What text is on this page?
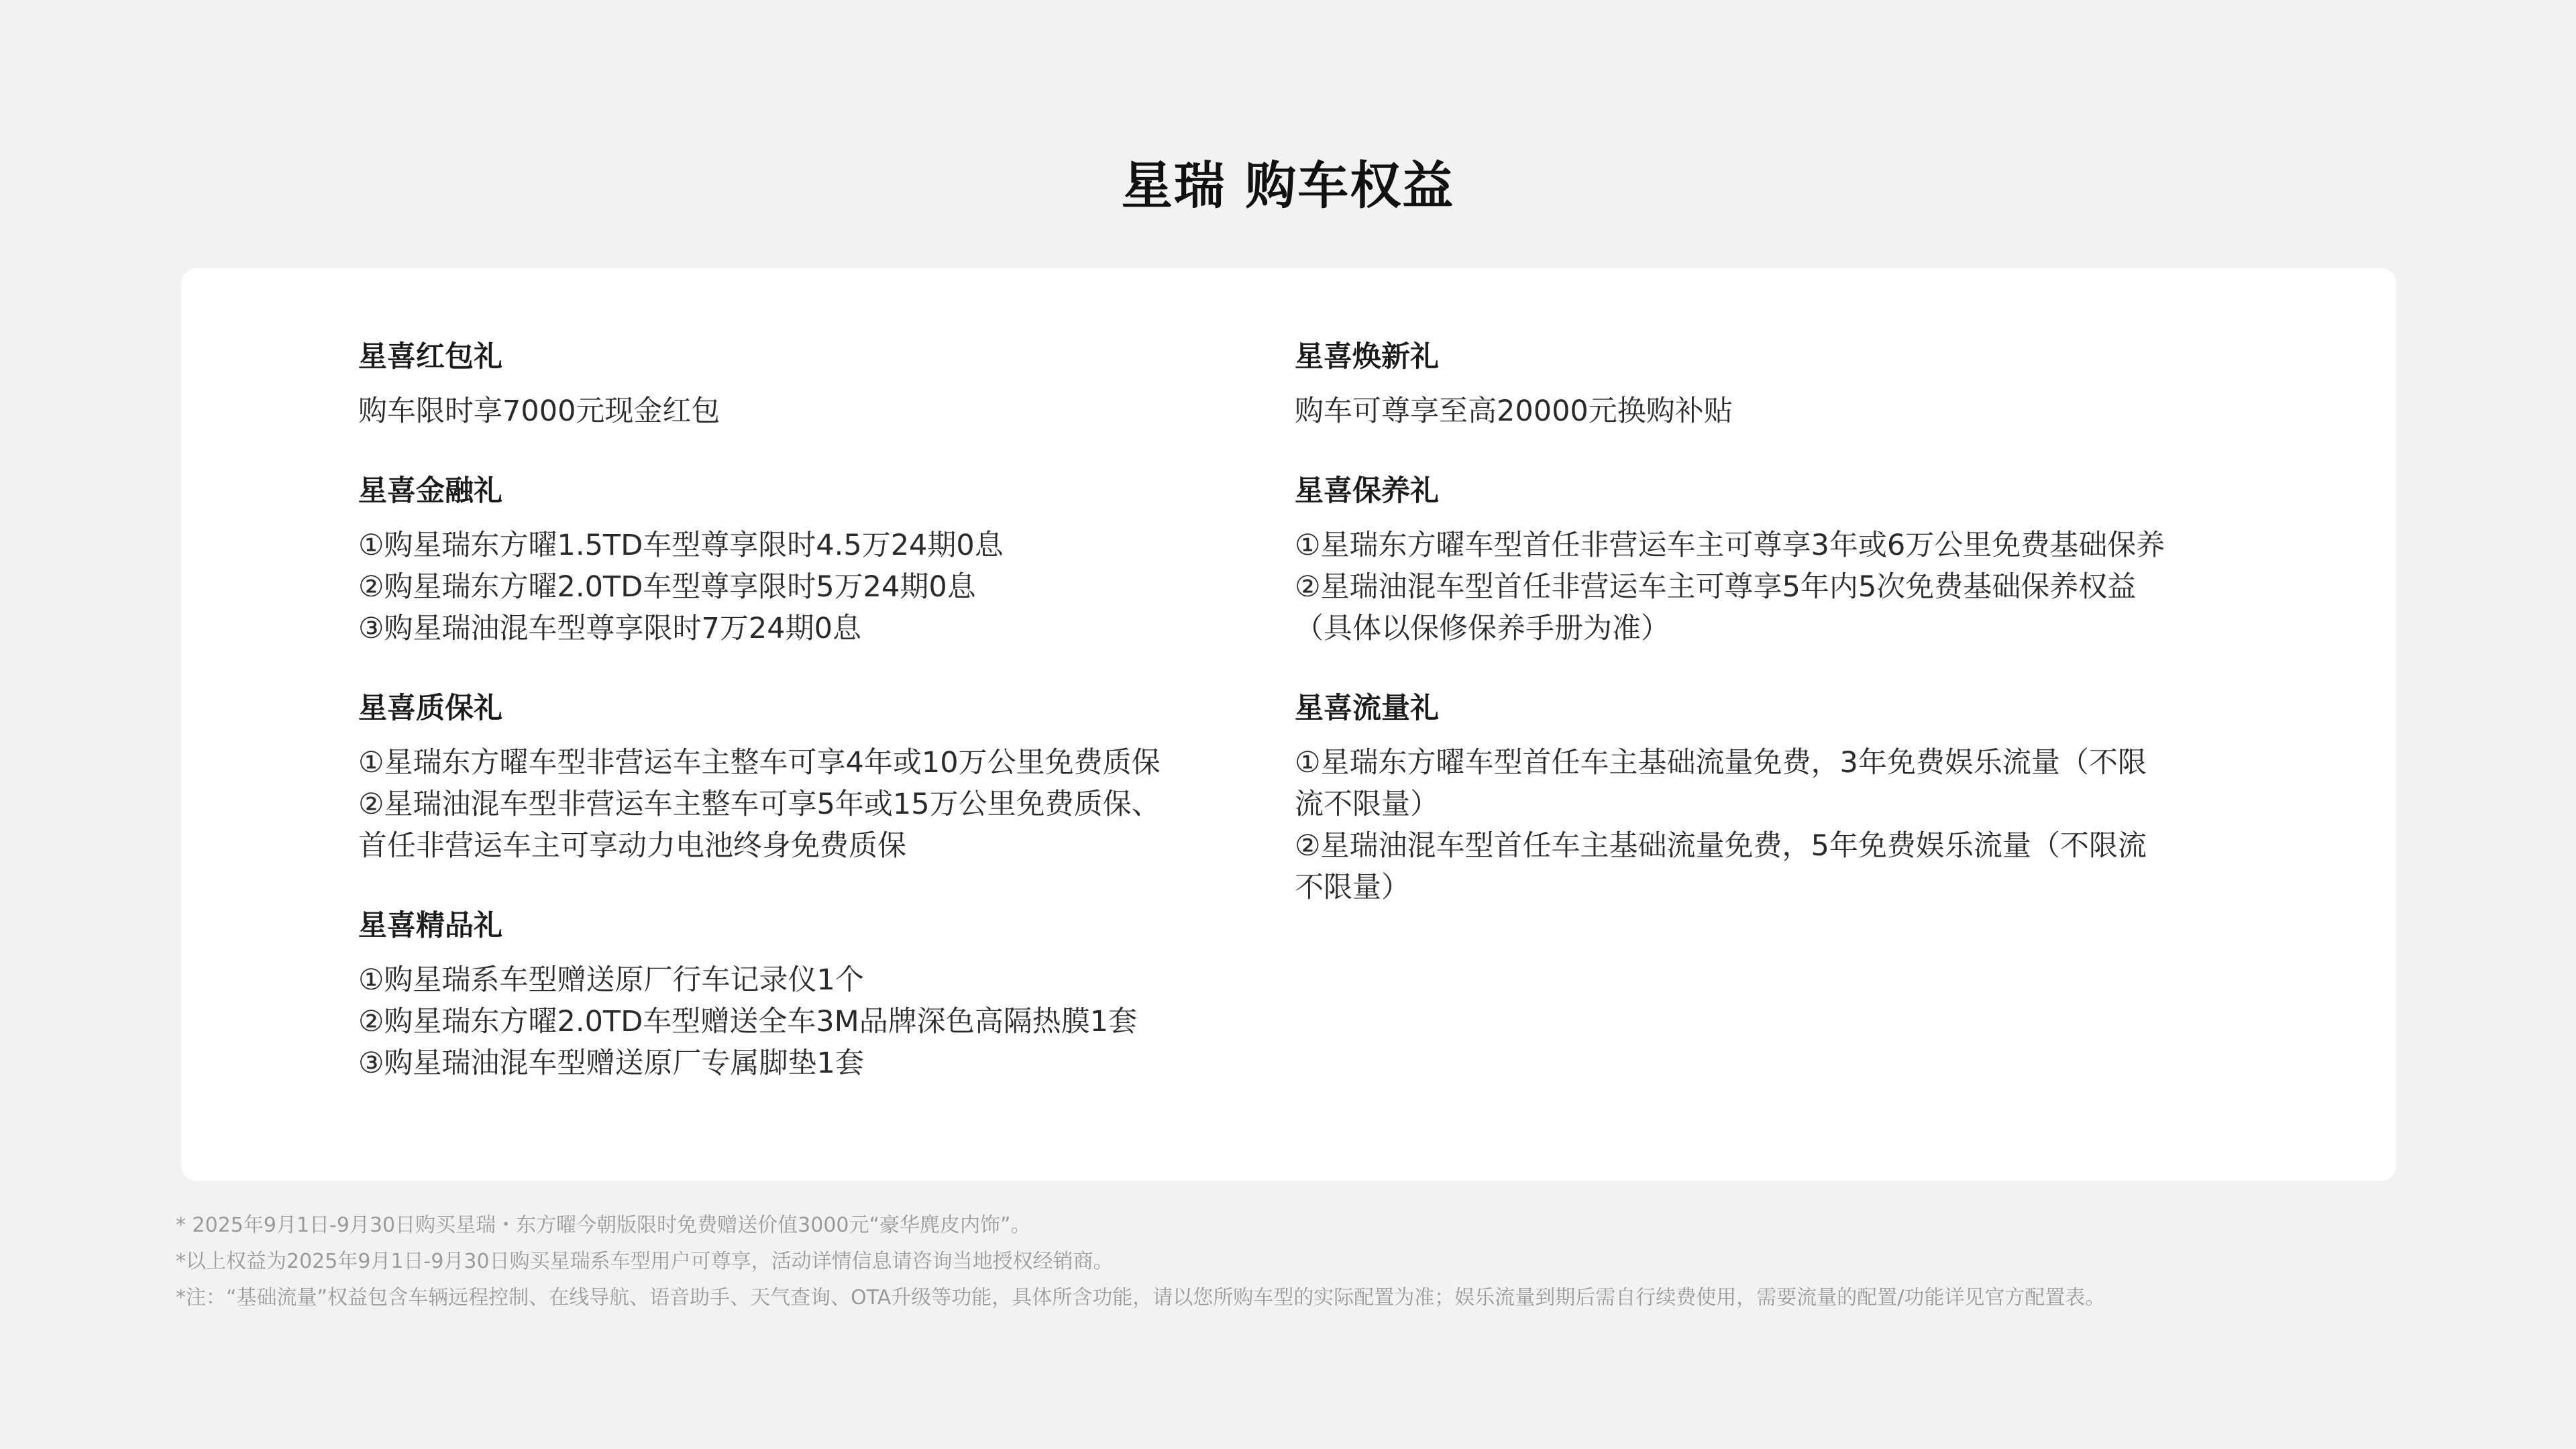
星瑞 购车权益
星喜红包礼
购车限时享7000元现金红包
星喜金融礼
①购星瑞东方曜1.5TD车型尊享限时4.5万24期0息
②购星瑞东方曜2.0TD车型尊享限时5万24期0息
③购星瑞油混车型尊享限时7万24期0息
星喜质保礼
①星瑞东方曜车型非营运车主整车可享4年或10万公里免费质保
②星瑞油混车型非营运车主整车可享5年或15万公里免费质保、
首任非营运车主可享动力电池终身免费质保
星喜精品礼
①购星瑞系车型赠送原厂行车记录仪1个
②购星瑞东方曜2.0TD车型赠送全车3M品牌深色高隔热膜1套
③购星瑞油混车型赠送原厂专属脚垫1套
星喜焕新礼
购车可尊享至高20000元换购补贴
星喜保养礼
①星瑞东方曜车型首任非营运车主可尊享3年或6万公里免费基础保养
②星瑞油混车型首任非营运车主可尊享5年内5次免费基础保养权益
（具体以保修保养手册为准）
星喜流量礼
①星瑞东方曜车型首任车主基础流量免费，3年免费娱乐流量（不限
流不限量）
②星瑞油混车型首任车主基础流量免费，5年免费娱乐流量（不限流
不限量）
* 2025年9月1日-9月30日购买星瑞・东方曜今朝版限时免费赠送价值3000元“豪华麂皮内饰”。
*以上权益为2025年9月1日-9月30日购买星瑞系车型用户可尊享，活动详情信息请咨询当地授权经销商。
*注：“基础流量”权益包含车辆远程控制、在线导航、语音助手、天气查询、OTA升级等功能，具体所含功能，请以您所购车型的实际配置为准；娱乐流量到期后需自行续费使用，需要流量的配置/功能详见官方配置表。
